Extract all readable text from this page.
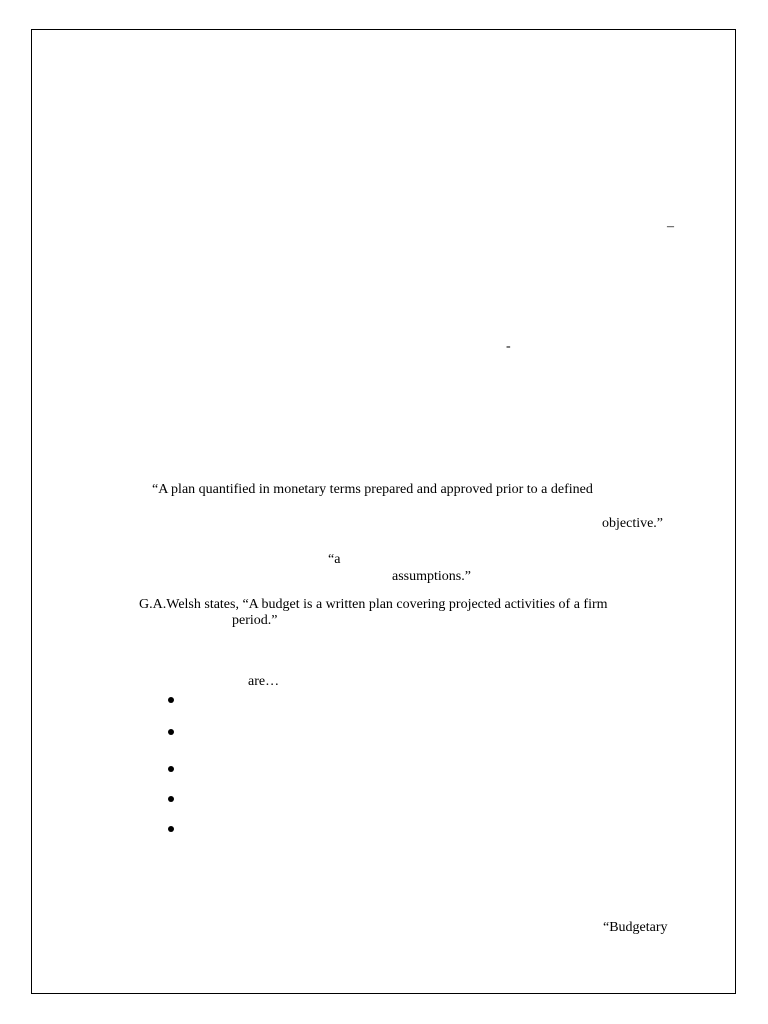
–
-
“A plan quantified in monetary terms prepared and approved prior to a defined
objective.”
“a
assumptions.”
G.A.Welsh states, “A budget is a written plan covering projected activities of a firm
period.”
are…
“Budgetary
